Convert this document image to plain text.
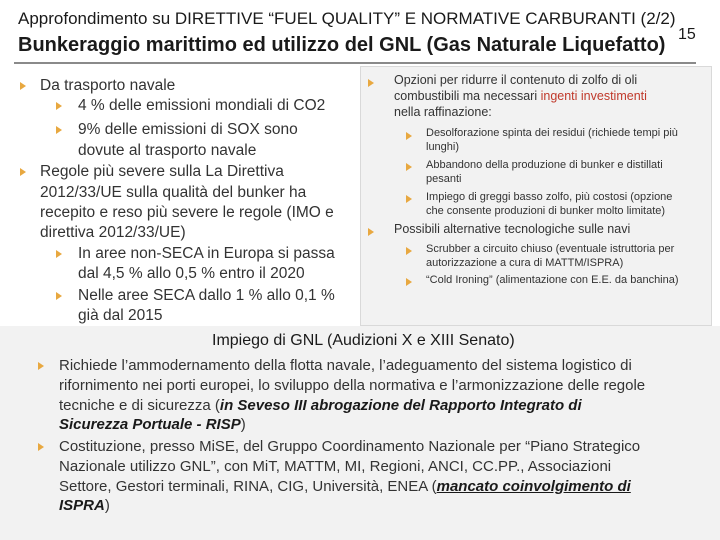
Approfondimento su DIRETTIVE “FUEL QUALITY” E NORMATIVE CARBURANTI (2/2)
Bunkeraggio marittimo ed utilizzo del GNL (Gas Naturale Liquefatto) 15
Da trasporto navale
4 % delle emissioni mondiali di CO2
9% delle emissioni di SOX sono
dovute al trasporto navale
Regole più severe sulla La Direttiva
2012/33/UE sulla qualità del bunker ha
recepito e reso più severe le regole (IMO e
direttiva 2012/33/UE)
In aree non-SECA in Europa si passa
dal 4,5 % allo 0,5 % entro il 2020
Nelle aree SECA dallo 1 % allo 0,1 %
già dal 2015
Opzioni per ridurre il contenuto di zolfo di oli
combustibili ma necessari ingenti investimenti
nella raffinazione:
Desolforazione spinta dei residui (richiede tempi più
lunghi)
Abbandono della produzione di bunker e distillati
pesanti
Impiego di greggi basso zolfo, più costosi (opzione
che consente produzioni di bunker molto limitate)
Possibili alternative tecnologiche sulle navi
Scrubber a circuito chiuso (eventuale istruttoria per
autorizzazione a cura di MATTM/ISPRA)
“Cold Ironing” (alimentazione con E.E. da banchina)
Impiego di GNL (Audizioni X e XIII Senato)
Richiede l’ammodernamento della flotta navale, l’adeguamento del sistema logistico di
rifornimento nei porti europei, lo sviluppo della normativa e l’armonizzazione delle regole
tecniche e di sicurezza (in Seveso III abrogazione del Rapporto Integrato di
Sicurezza Portuale - RISP)
Costituzione, presso MiSE, del Gruppo Coordinamento Nazionale per “Piano Strategico
Nazionale utilizzo GNL”, con MiT, MATTM, MI, Regioni, ANCI, CC.PP., Associazioni
Settore, Gestori terminali, RINA, CIG, Università, ENEA (mancato coinvolgimento di
ISPRA)
